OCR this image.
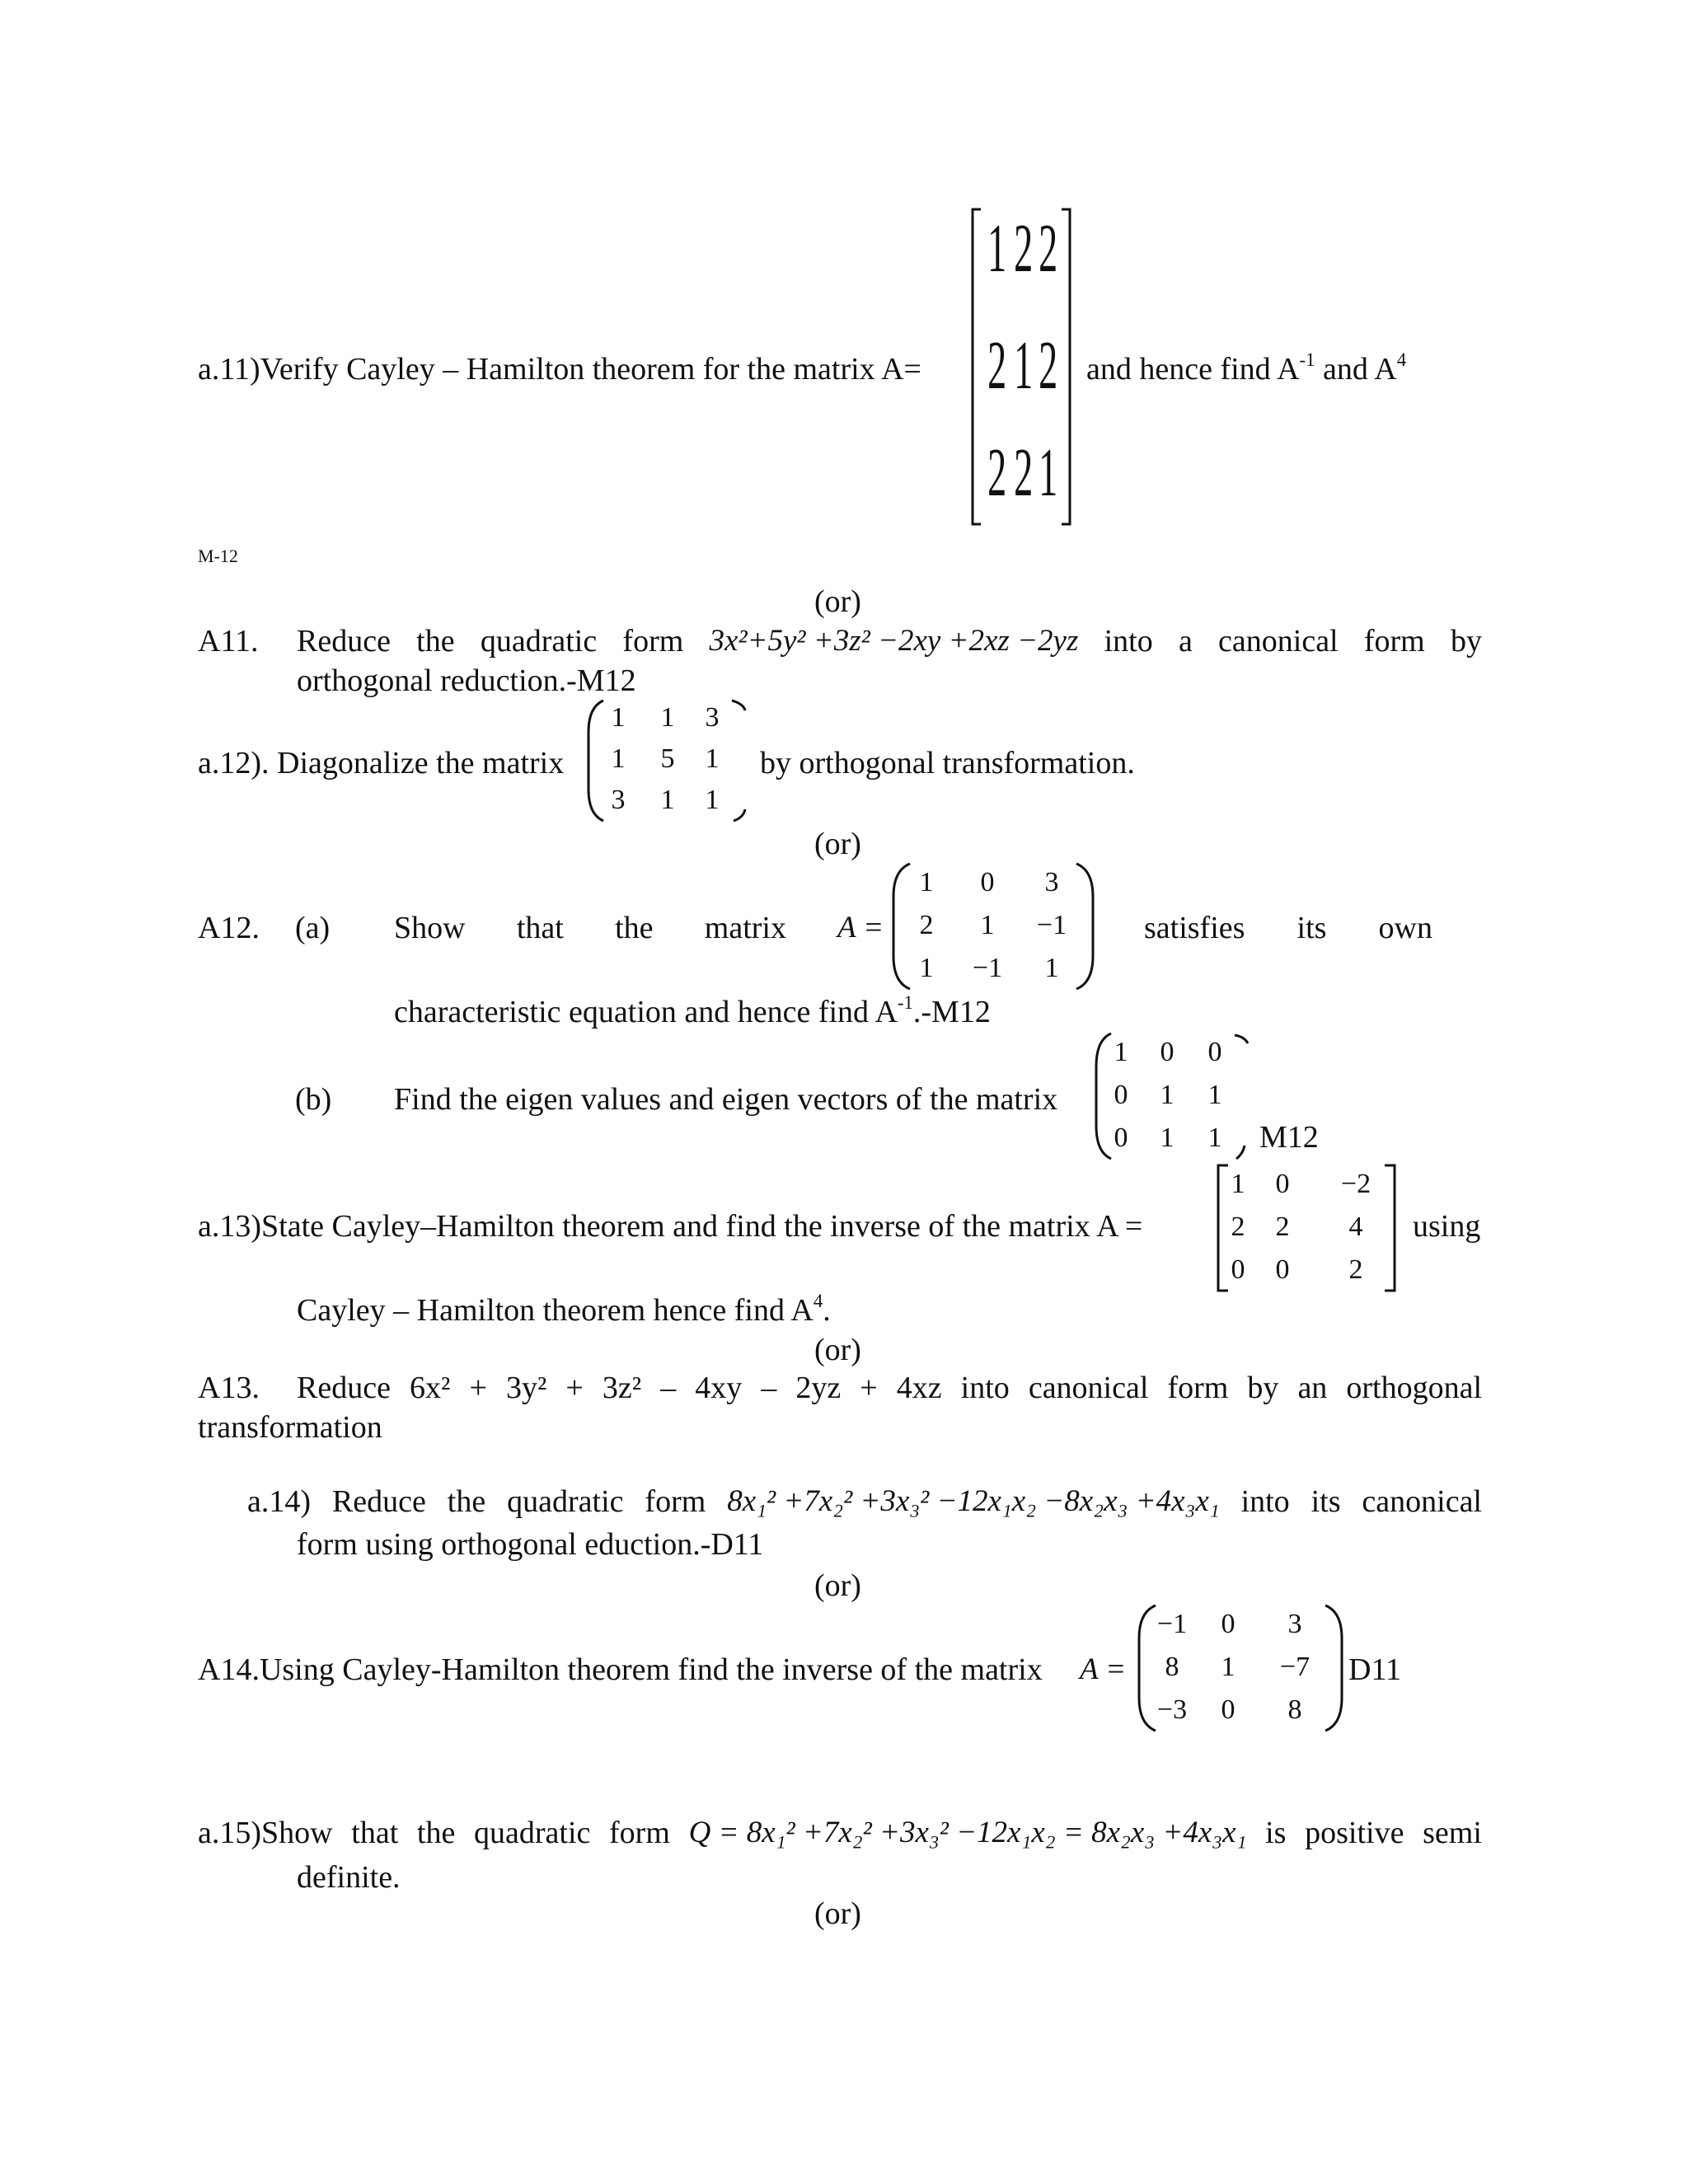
a.11)Verify Cayley – Hamilton theorem for the matrix A=
1 2 2
2 1 2
2 2 1
and hence find $A^{-1}$ and $A^4$
M-12
(or)
A11. Reduce the quadratic form 3x²+5y² +3z² −2xy +2xz −2yz into a canonical form by
orthogonal reduction.-M12
a.12). Diagonalize the matrix
1	1	3
1	5	1
3	1	1
by orthogonal transformation.
(or)
A12. (a) Show that the matrix A =
1	0	3
2	1	−1
1	−1	1
satisfies its own
characteristic equation and hence find $A^{-1}.-M12$
(b) Find the eigen values and eigen vectors of the matrix
1	0	0
0	1	1
0	1	1	M12
a.13)State Cayley–Hamilton theorem and find the inverse of the matrix A =
1	0	−2
2	2	4
0	0	2
using
Cayley – Hamilton theorem hence find $A^4$.
(or)
A13. Reduce 6x² + 3y² + 3z² – 4xy – 2yz + 4xz into canonical form by an orthogonal
transformation
a.14) Reduce the quadratic form 8x₁² +7x₂² +3x₃² −12x₁x₂ −8x₂x₃ +4x₃x₁ into its canonical
form using orthogonal eduction.-D11
(or)
A14.Using Cayley-Hamilton theorem find the inverse of the matrix A =
−1	0	3
8	1	−7
−3	0	8
D11
a.15)Show that the quadratic form Q = 8x₁² +7x₂² +3x₃² −12x₁x₂ = 8x₂x₃ +4x₃x₁ is positive semi
definite.
(or)
